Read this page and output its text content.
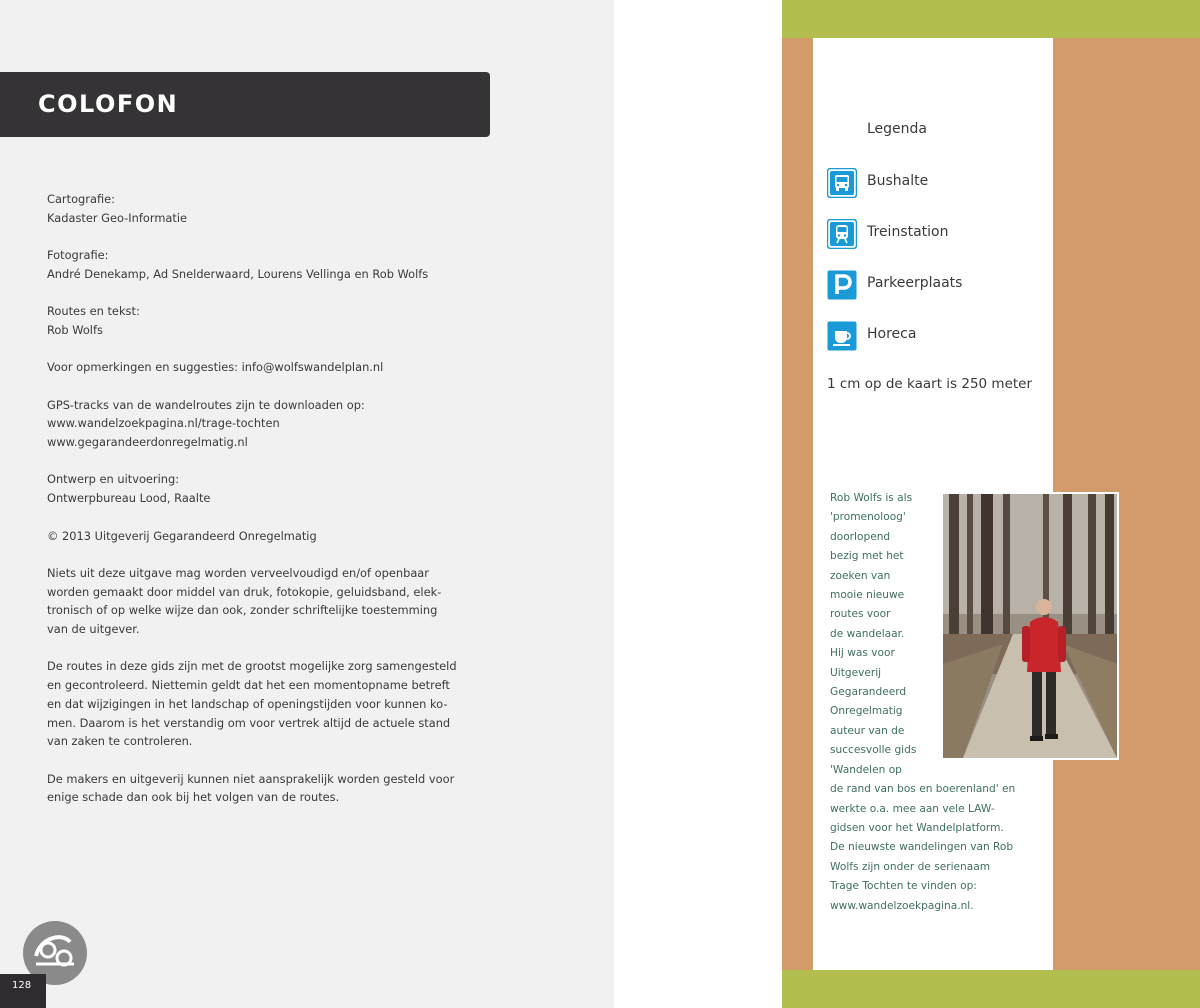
COLOFON

Cartografie:
Kadaster Geo-Informatie

Fotografie:
André Denekamp, Ad Snelderwaard, Lourens Vellinga en Rob Wolfs

Routes en tekst:
Rob Wolfs

Voor opmerkingen en suggesties: info@wolfswandelplan.nl

GPS-tracks van de wandelroutes zijn te downloaden op:
www.wandelzoekpagina.nl/trage-tochten
www.gegarandeerdonregelmatig.nl

Ontwerp en uitvoering:
Ontwerpbureau Lood, Raalte

© 2013 Uitgeverij Gegarandeerd Onregelmatig

Niets uit deze uitgave mag worden verveelvoudigd en/of openbaar
worden gemaakt door middel van druk, fotokopie, geluidsband, elek-
tronisch of op welke wijze dan ook, zonder schriftelijke toestemming
van de uitgever.

De routes in deze gids zijn met de grootst mogelijke zorg samengesteld
en gecontroleerd. Niettemin geldt dat het een momentopname betreft
en dat wijzigingen in het landschap of openingstijden voor kunnen ko-
men. Daarom is het verstandig om voor vertrek altijd de actuele stand
van zaken te controleren.

De makers en uitgeverij kunnen niet aansprakelijk worden gesteld voor
enige schade dan ook bij het volgen van de routes.

128
Legenda
Bushalte
Treinstation
Parkeerplaats
Horeca
1 cm op de kaart is 250 meter
Rob Wolfs is als
'promenoloog'
doorlopend
bezig met het
zoeken van
mooie nieuwe
routes voor
de wandelaar.
Hij was voor
Uitgeverij
Gegarandeerd
Onregelmatig
auteur van de
succesvolle gids
'Wandelen op
de rand van bos en boerenland' en
werkte o.a. mee aan vele LAW-
gidsen voor het Wandelplatform.
De nieuwste wandelingen van Rob
Wolfs zijn onder de serienaam
Trage Tochten te vinden op:
www.wandelzoekpagina.nl.
